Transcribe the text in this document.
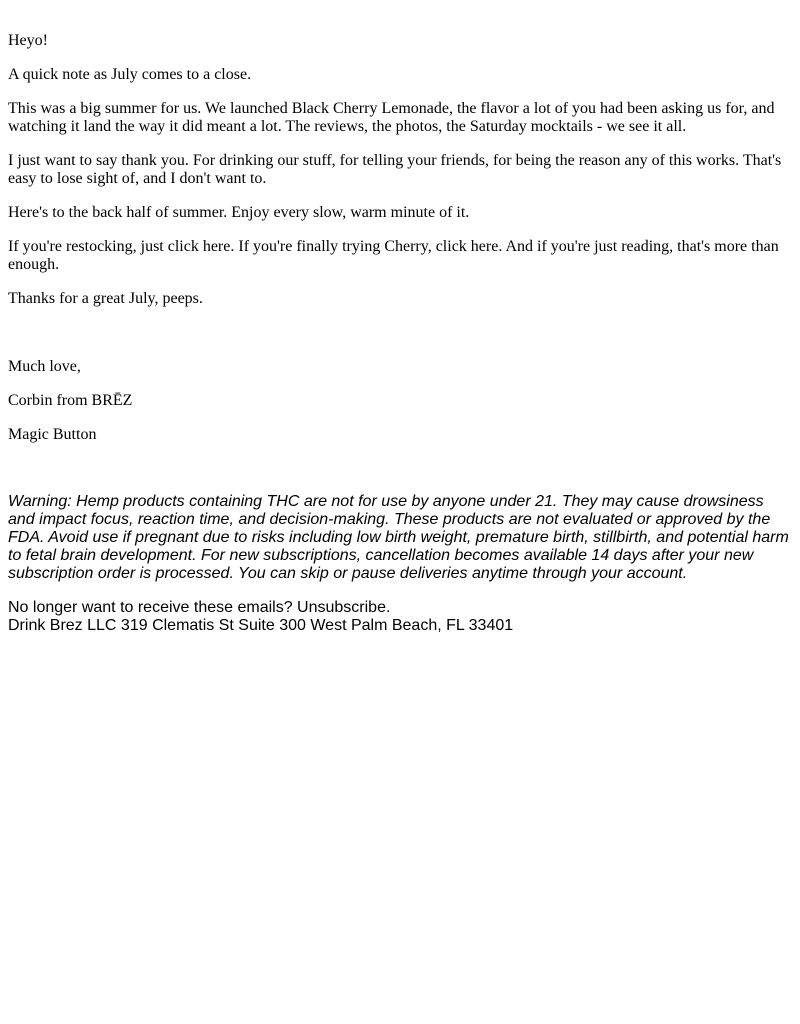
Heyo!

A quick note as July comes to a close.

This was a big summer for us. We launched Black Cherry Lemonade, the flavor a lot of you had been asking us for, and watching it land the way it did meant a lot. The reviews, the photos, the Saturday mocktails - we see it all.

I just want to say thank you. For drinking our stuff, for telling your friends, for being the reason any of this works. That's easy to lose sight of, and I don't want to.

Here's to the back half of summer. Enjoy every slow, warm minute of it.

If you're restocking, just click here. If you're finally trying Cherry, click here. And if you're just reading, that's more than enough.

Thanks for a great July, peeps.

Much love,

Corbin from BRĒZ

Magic Button

Warning: Hemp products containing THC are not for use by anyone under 21. They may cause drowsiness and impact focus, reaction time, and decision-making. These products are not evaluated or approved by the FDA. Avoid use if pregnant due to risks including low birth weight, premature birth, stillbirth, and potential harm to fetal brain development. For new subscriptions, cancellation becomes available 14 days after your new subscription order is processed. You can skip or pause deliveries anytime through your account.

No longer want to receive these emails? Unsubscribe.
Drink Brez LLC 319 Clematis St Suite 300 West Palm Beach, FL 33401
